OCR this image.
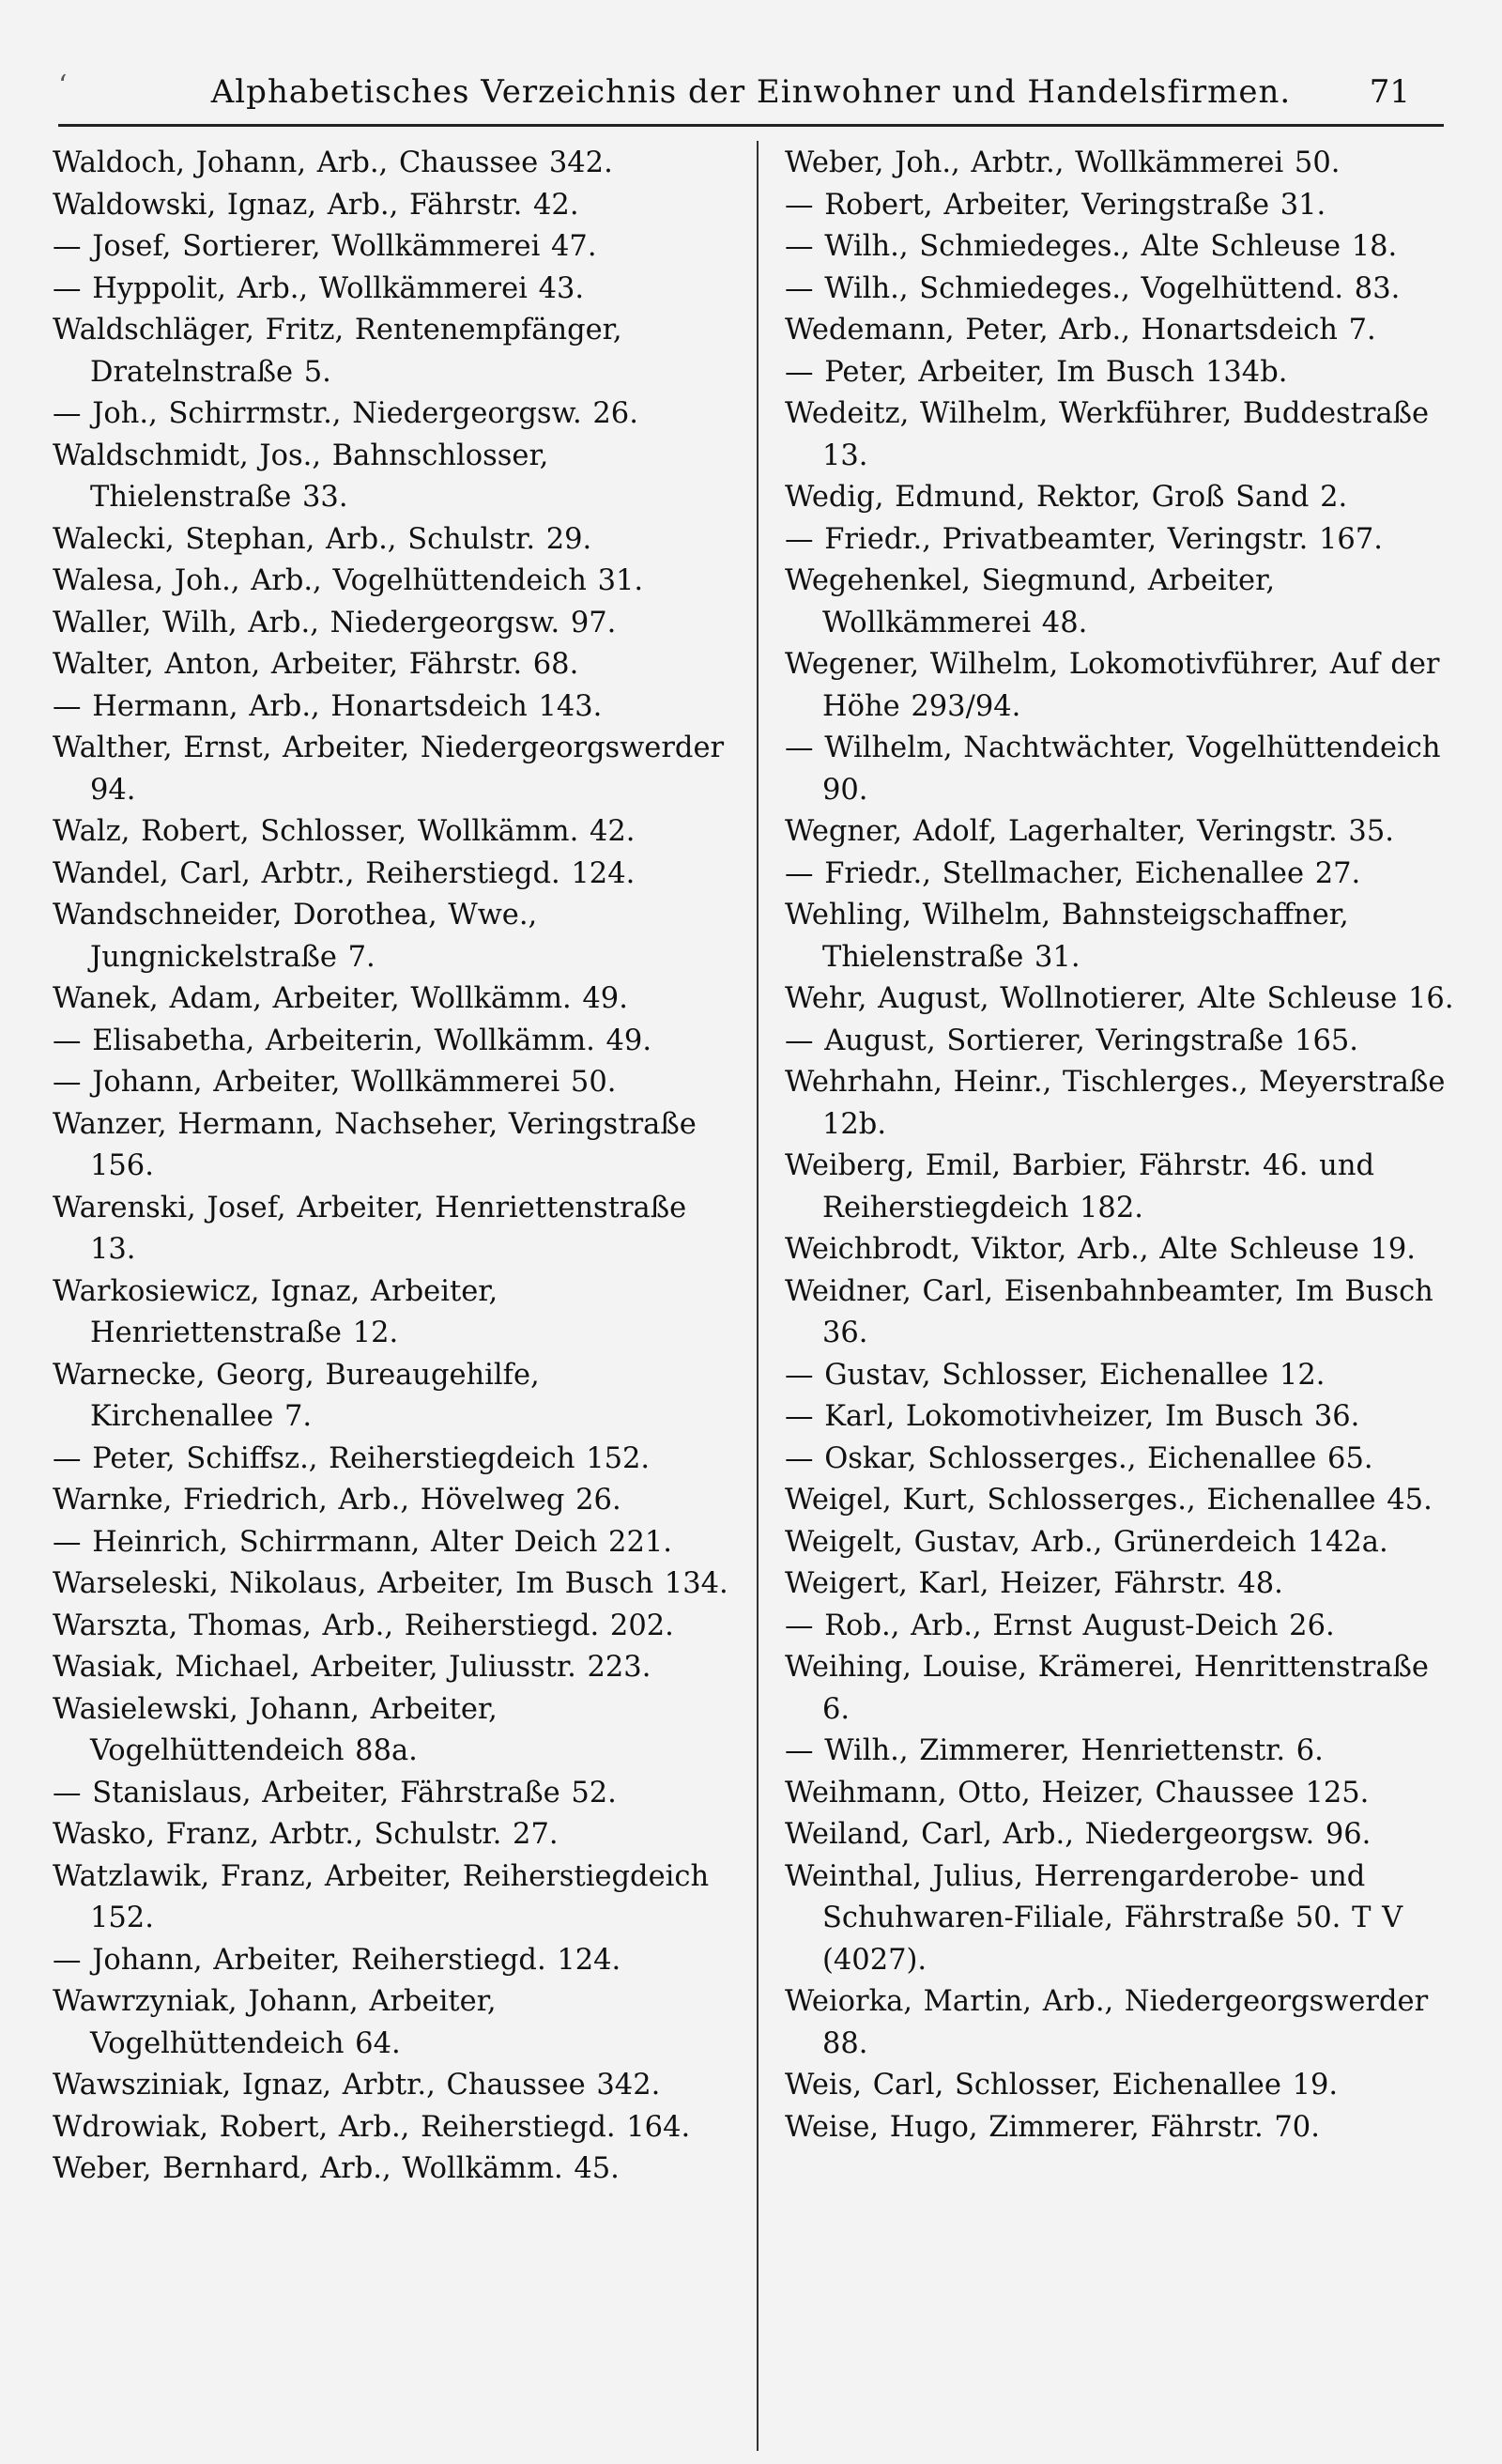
‘	Alphabetisches Verzeichnis der Einwohner und Handelsfirmen.	71
Waldoch, Johann, Arb., Chaussee 342.
Waldowski, Ignaz, Arb., Fährstr. 42.
— Josef, Sortierer, Wollkämmerei 47.
— Hyppolit, Arb., Wollkämmerei 43.
Waldschläger, Fritz, Rentenempfänger, Dratelnstraße 5.
— Joh., Schirrmstr., Niedergeorgsw. 26.
Waldschmidt, Jos., Bahnschlosser, Thielenstraße 33.
Walecki, Stephan, Arb., Schulstr. 29.
Walesa, Joh., Arb., Vogelhüttendeich 31.
Waller, Wilh, Arb., Niedergeorgsw. 97.
Walter, Anton, Arbeiter, Fährstr. 68.
— Hermann, Arb., Honartsdeich 143.
Walther, Ernst, Arbeiter, Niedergeorgswerder 94.
Walz, Robert, Schlosser, Wollkämm. 42.
Wandel, Carl, Arbtr., Reiherstiegd. 124.
Wandschneider, Dorothea, Wwe., Jungnickelstraße 7.
Wanek, Adam, Arbeiter, Wollkämm. 49.
— Elisabetha, Arbeiterin, Wollkämm. 49.
— Johann, Arbeiter, Wollkämmerei 50.
Wanzer, Hermann, Nachseher, Veringstraße 156.
Warenski, Josef, Arbeiter, Henriettenstraße 13.
Warkosiewicz, Ignaz, Arbeiter, Henriettenstraße 12.
Warnecke, Georg, Bureaugehilfe, Kirchenallee 7.
— Peter, Schiffsz., Reiherstiegdeich 152.
Warnke, Friedrich, Arb., Hövelweg 26.
— Heinrich, Schirrmann, Alter Deich 221.
Warseleski, Nikolaus, Arbeiter, Im Busch 134.
Warszta, Thomas, Arb., Reiherstiegd. 202.
Wasiak, Michael, Arbeiter, Juliusstr. 223.
Wasielewski, Johann, Arbeiter, Vogelhüttendeich 88a.
— Stanislaus, Arbeiter, Fährstraße 52.
Wasko, Franz, Arbtr., Schulstr. 27.
Watzlawik, Franz, Arbeiter, Reiherstiegdeich 152.
— Johann, Arbeiter, Reiherstiegd. 124.
Wawrzyniak, Johann, Arbeiter, Vogelhüttendeich 64.
Wawsziniak, Ignaz, Arbtr., Chaussee 342.
Wdrowiak, Robert, Arb., Reiherstiegd. 164.
Weber, Bernhard, Arb., Wollkämm. 45.
Weber, Joh., Arbtr., Wollkämmerei 50.
— Robert, Arbeiter, Veringstraße 31.
— Wilh., Schmiedeges., Alte Schleuse 18.
— Wilh., Schmiedeges., Vogelhüttend. 83.
Wedemann, Peter, Arb., Honartsdeich 7.
— Peter, Arbeiter, Im Busch 134b.
Wedeitz, Wilhelm, Werkführer, Buddestraße 13.
Wedig, Edmund, Rektor, Groß Sand 2.
— Friedr., Privatbeamter, Veringstr. 167.
Wegehenkel, Siegmund, Arbeiter, Wollkämmerei 48.
Wegener, Wilhelm, Lokomotivführer, Auf der Höhe 293/94.
— Wilhelm, Nachtwächter, Vogelhüttendeich 90.
Wegner, Adolf, Lagerhalter, Veringstr. 35.
— Friedr., Stellmacher, Eichenallee 27.
Wehling, Wilhelm, Bahnsteigschaffner, Thielenstraße 31.
Wehr, August, Wollnotierer, Alte Schleuse 16.
— August, Sortierer, Veringstraße 165.
Wehrhahn, Heinr., Tischlerges., Meyerstraße 12b.
Weiberg, Emil, Barbier, Fährstr. 46. und Reiherstiegdeich 182.
Weichbrodt, Viktor, Arb., Alte Schleuse 19.
Weidner, Carl, Eisenbahnbeamter, Im Busch 36.
— Gustav, Schlosser, Eichenallee 12.
— Karl, Lokomotivheizer, Im Busch 36.
— Oskar, Schlosserges., Eichenallee 65.
Weigel, Kurt, Schlosserges., Eichenallee 45.
Weigelt, Gustav, Arb., Grünerdeich 142a.
Weigert, Karl, Heizer, Fährstr. 48.
— Rob., Arb., Ernst August-Deich 26.
Weihing, Louise, Krämerei, Henrittenstraße 6.
— Wilh., Zimmerer, Henriettenstr. 6.
Weihmann, Otto, Heizer, Chaussee 125.
Weiland, Carl, Arb., Niedergeorgsw. 96.
Weinthal, Julius, Herrengarderobe- und Schuhwaren-Filiale, Fährstraße 50. T V (4027).
Weiorka, Martin, Arb., Niedergeorgswerder 88.
Weis, Carl, Schlosser, Eichenallee 19.
Weise, Hugo, Zimmerer, Fährstr. 70.
